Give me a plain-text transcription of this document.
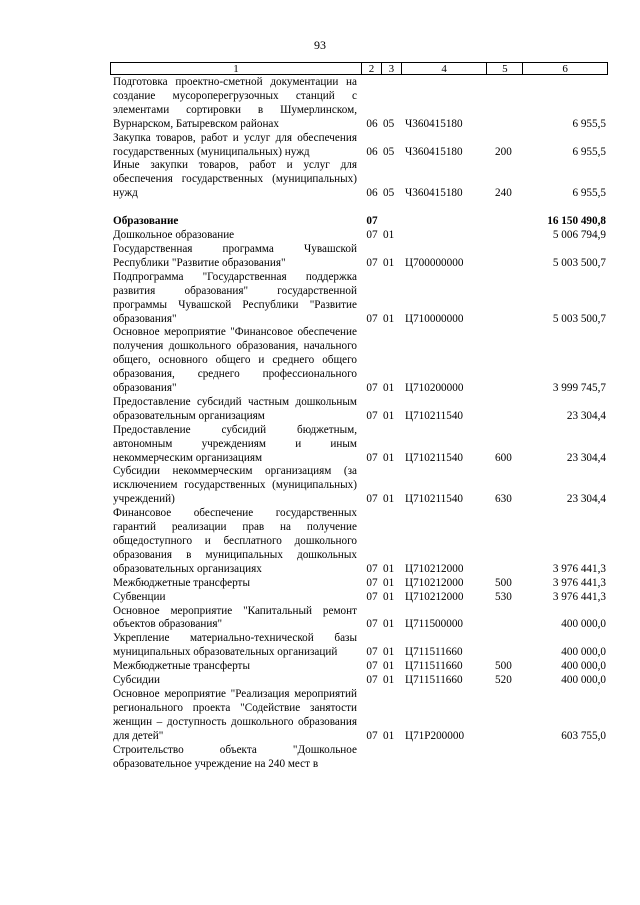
93
1	2	3	4	5	6
Подготовка проектно-сметной документации на создание мусороперегрузочных станций с элементами сортировки в Шумерлинском, Вурнарском, Батыревском районах	06 05 Ч360415180	6 955,5
Закупка товаров, работ и услуг для обеспечения государственных (муниципальных) нужд	06 05 Ч360415180	200	6 955,5
Иные закупки товаров, работ и услуг для обеспечения государственных (муниципальных) нужд	06 05 Ч360415180	240	6 955,5
Образование	07	16 150 490,8
Дошкольное образование	07 01	5 006 794,9
Государственная программа Чувашской Республики "Развитие образования"	07 01 Ц700000000	5 003 500,7
Подпрограмма "Государственная поддержка развития образования" государственной программы Чувашской Республики "Развитие образования"	07 01 Ц710000000	5 003 500,7
Основное мероприятие "Финансовое обеспечение получения дошкольного образования, начального общего, основного общего и среднего общего образования, среднего профессионального образования"	07 01 Ц710200000	3 999 745,7
Предоставление субсидий частным дошкольным образовательным организациям	07 01 Ц710211540	23 304,4
Предоставление субсидий бюджетным, автономным учреждениям и иным некоммерческим организациям	07 01 Ц710211540	600	23 304,4
Субсидии некоммерческим организациям (за исключением государственных (муниципальных) учреждений)	07 01 Ц710211540	630	23 304,4
Финансовое обеспечение государственных гарантий реализации прав на получение общедоступного и бесплатного дошкольного образования в муниципальных дошкольных образовательных организациях	07 01 Ц710212000	3 976 441,3
Межбюджетные трансферты	07 01 Ц710212000	500	3 976 441,3
Субвенции	07 01 Ц710212000	530	3 976 441,3
Основное мероприятие "Капитальный ремонт объектов образования"	07 01 Ц711500000	400 000,0
Укрепление материально-технической базы муниципальных образовательных организаций	07 01 Ц711511660	400 000,0
Межбюджетные трансферты	07 01 Ц711511660	500	400 000,0
Субсидии	07 01 Ц711511660	520	400 000,0
Основное мероприятие "Реализация мероприятий регионального проекта "Содействие занятости женщин – доступность дошкольного образования для детей"	07 01 Ц71Р200000	603 755,0
Строительство объекта "Дошкольное образовательное учреждение на 240 мест в
